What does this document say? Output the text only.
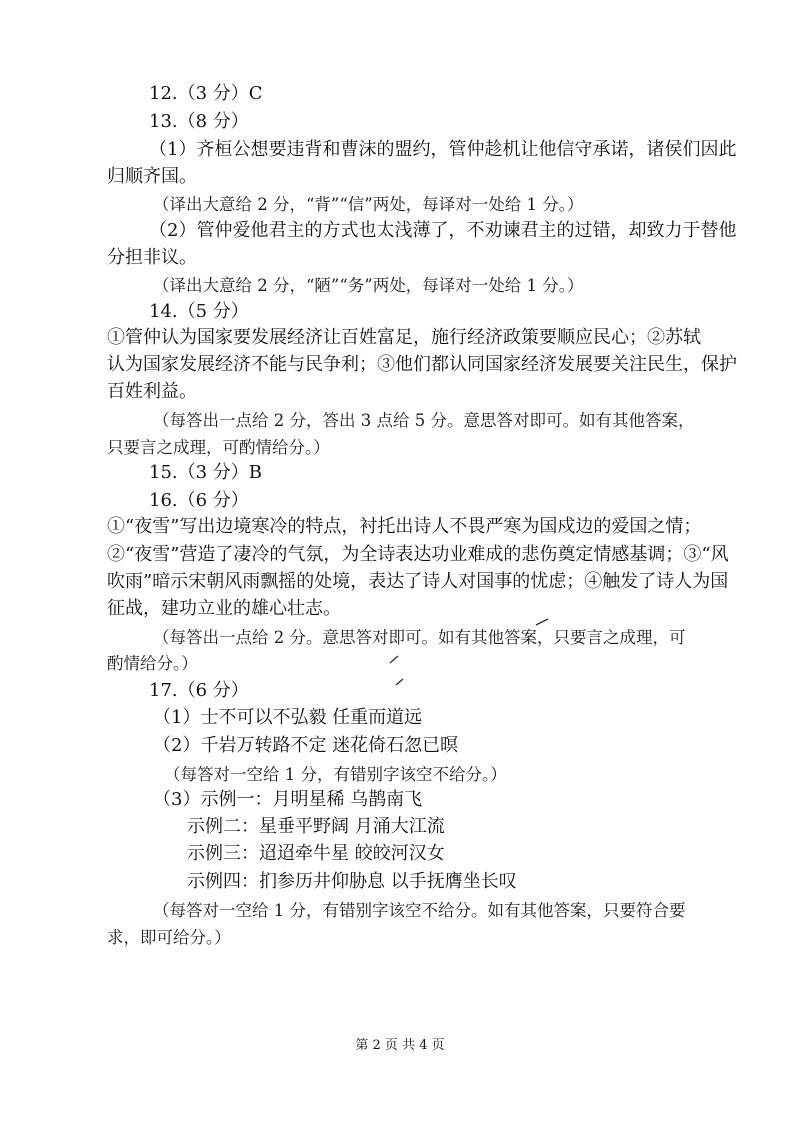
12.（3 分）C
13.（8 分）
（1）齐桓公想要违背和曹沫的盟约，管仲趁机让他信守承诺，诸侯们因此
归顺齐国。
（译出大意给 2 分，“背”“信”两处，每译对一处给 1 分。）
（2）管仲爱他君主的方式也太浅薄了，不劝谏君主的过错，却致力于替他
分担非议。
（译出大意给 2 分，“陋”“务”两处，每译对一处给 1 分。）
14.（5 分）
①管仲认为国家要发展经济让百姓富足，施行经济政策要顺应民心；②苏轼
认为国家发展经济不能与民争利；③他们都认同国家经济发展要关注民生，保护
百姓利益。
（每答出一点给 2 分，答出 3 点给 5 分。意思答对即可。如有其他答案，
只要言之成理，可酌情给分。）
15.（3 分）B
16.（6 分）
①“夜雪”写出边境寒冷的特点，衬托出诗人不畏严寒为国戍边的爱国之情；
②“夜雪”营造了凄冷的气氛，为全诗表达功业难成的悲伤奠定情感基调；③“风
吹雨”暗示宋朝风雨飘摇的处境，表达了诗人对国事的忧虑；④触发了诗人为国
征战，建功立业的雄心壮志。
（每答出一点给 2 分。意思答对即可。如有其他答案，只要言之成理，可
酌情给分。）
17.（6 分）
（1）士不可以不弘毅 任重而道远
（2）千岩万转路不定 迷花倚石忽已暝
（每答对一空给 1 分，有错别字该空不给分。）
（3）示例一：月明星稀 乌鹊南飞
示例二：星垂平野阔 月涌大江流
示例三：迢迢牵牛星 皎皎河汉女
示例四：扪参历井仰胁息 以手抚膺坐长叹
（每答对一空给 1 分，有错别字该空不给分。如有其他答案，只要符合要
求，即可给分。）
第 2 页 共 4 页
